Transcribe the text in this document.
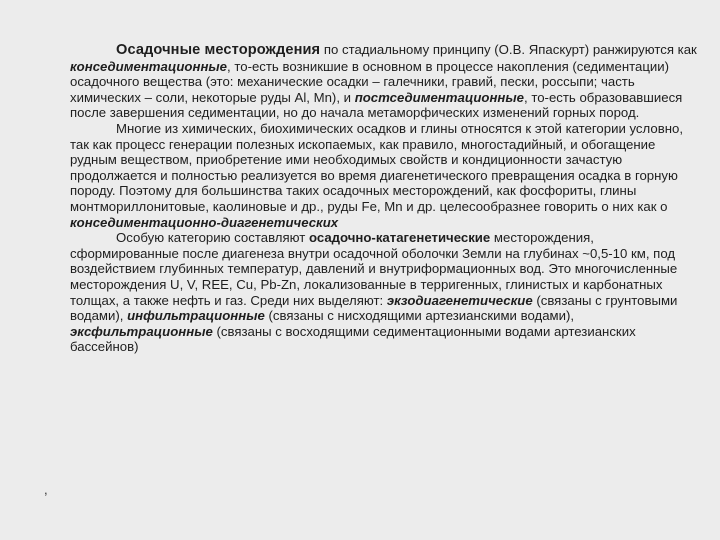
Осадочные месторождения по стадиальному принципу (О.В. Япаскурт) ранжируются как конседиментационные, то-есть возникшие в основном в процессе накопления (седиментации) осадочного вещества (это: механические осадки – галечники, гравий, пески, россыпи; часть химических – соли, некоторые руды Al, Mn), и постседиментационные, то-есть образовавшиеся после завершения седиментации, но до начала метаморфических изменений горных пород.

Многие из химических, биохимических осадков и глины относятся к этой категории условно, так как процесс генерации полезных ископаемых, как правило, многостадийный, и обогащение рудным веществом, приобретение ими необходимых свойств и кондиционности зачастую продолжается и полностью реализуется во время диагенетического превращения осадка в горную породу. Поэтому для большинства таких осадочных месторождений, как фосфориты, глины монтмориллонитовые, каолиновые и др., руды Fe, Mn и др. целесообразнее говорить о них как о конседиментационно-диагенетических

Особую категорию составляют осадочно-катагенетические месторождения, сформированные после диагенеза внутри осадочной оболочки Земли на глубинах ~0,5-10 км, под воздействием глубинных температур, давлений и внутриформационных вод. Это многочисленные месторождения U, V, REE, Cu, Pb-Zn, локализованные в терригенных, глинистых и карбонатных толщах, а также нефть и газ. Среди них выделяют: экзодиагенетические (связаны с грунтовыми водами), инфильтрационные (связаны с нисходящими артезианскими водами), эксфильтрационные (связаны с восходящими седиментационными водами артезианских бассейнов)

,
